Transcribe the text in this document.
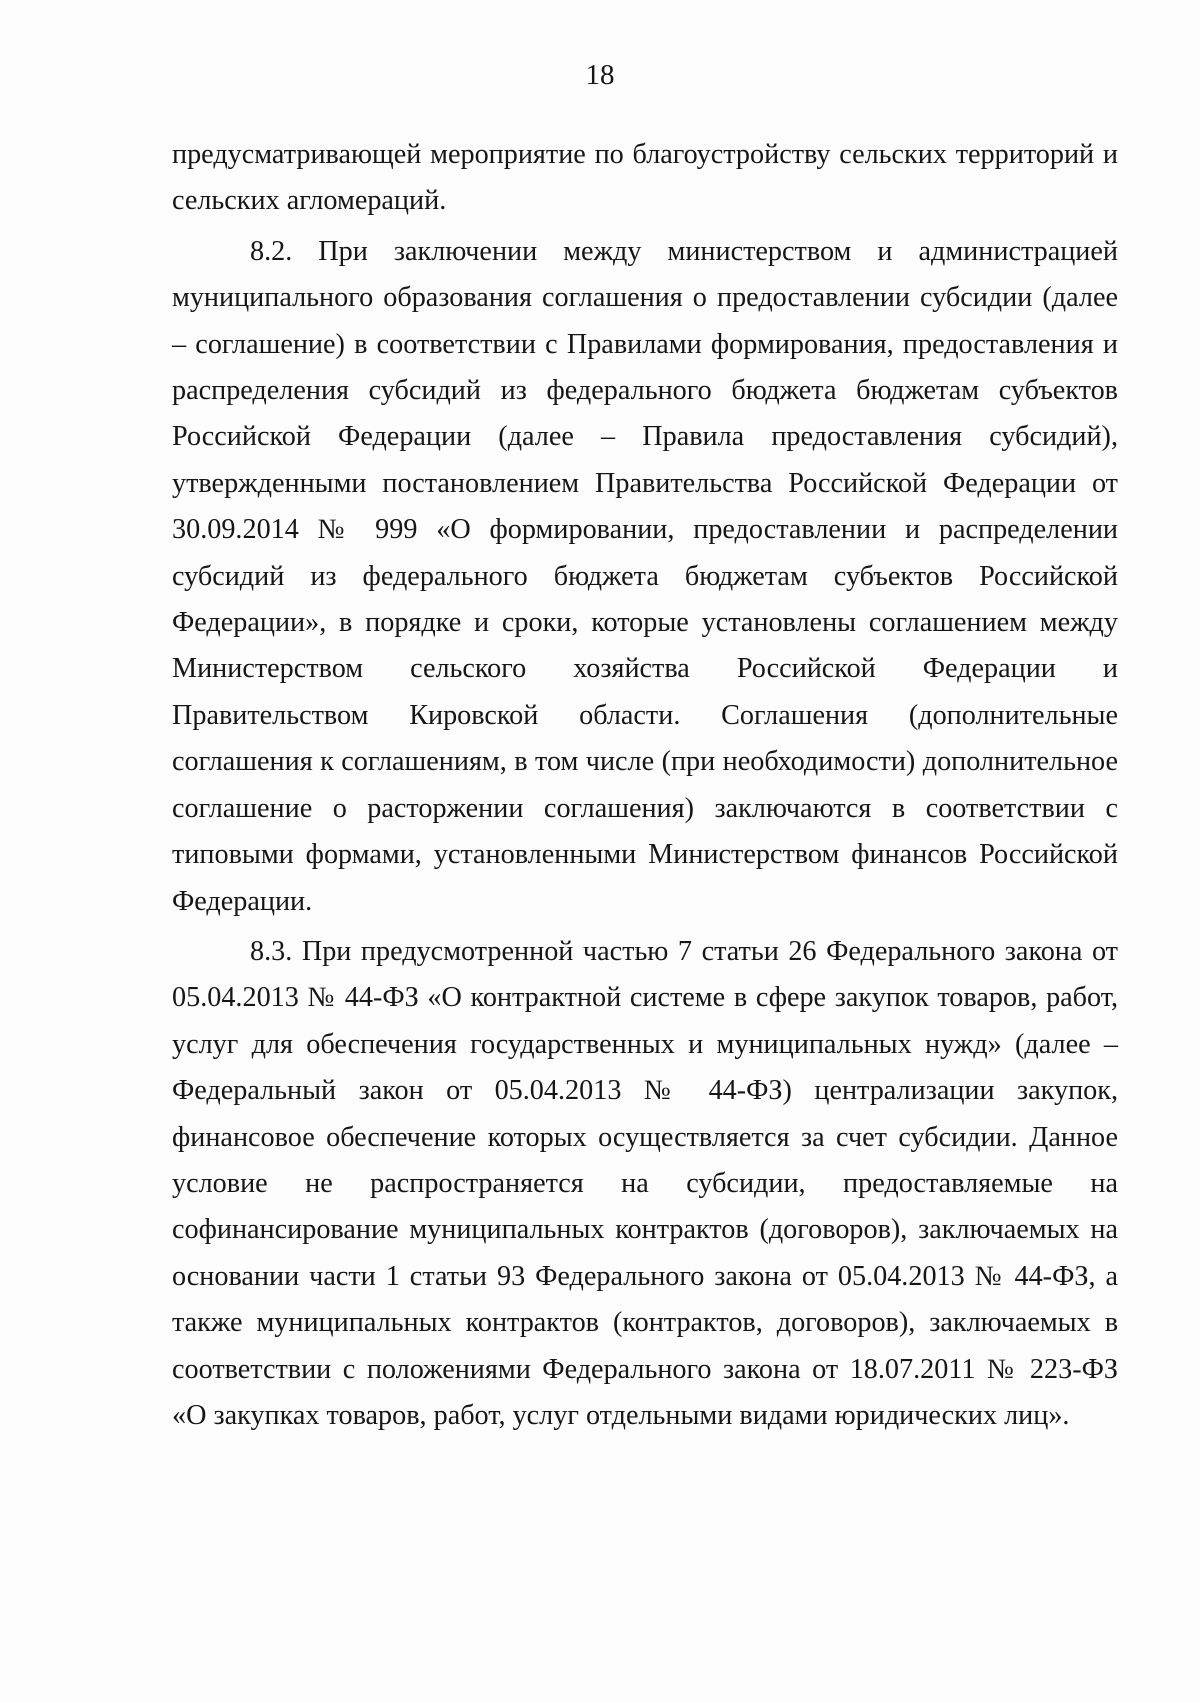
18

предусматривающей мероприятие по благоустройству сельских территорий и сельских агломераций.

8.2. При заключении между министерством и администрацией муниципального образования соглашения о предоставлении субсидии (далее – соглашение) в соответствии с Правилами формирования, предоставления и распределения субсидий из федерального бюджета бюджетам субъектов Российской Федерации (далее – Правила предоставления субсидий), утвержденными постановлением Правительства Российской Федерации от 30.09.2014 № 999 «О формировании, предоставлении и распределении субсидий из федерального бюджета бюджетам субъектов Российской Федерации», в порядке и сроки, которые установлены соглашением между Министерством сельского хозяйства Российской Федерации и Правительством Кировской области. Соглашения (дополнительные соглашения к соглашениям, в том числе (при необходимости) дополнительное соглашение о расторжении соглашения) заключаются в соответствии с типовыми формами, установленными Министерством финансов Российской Федерации.

8.3. При предусмотренной частью 7 статьи 26 Федерального закона от 05.04.2013 № 44-ФЗ «О контрактной системе в сфере закупок товаров, работ, услуг для обеспечения государственных и муниципальных нужд» (далее – Федеральный закон от 05.04.2013 № 44-ФЗ) централизации закупок, финансовое обеспечение которых осуществляется за счет субсидии. Данное условие не распространяется на субсидии, предоставляемые на софинансирование муниципальных контрактов (договоров), заключаемых на основании части 1 статьи 93 Федерального закона от 05.04.2013 № 44-ФЗ, а также муниципальных контрактов (контрактов, договоров), заключаемых в соответствии с положениями Федерального закона от 18.07.2011 № 223-ФЗ «О закупках товаров, работ, услуг отдельными видами юридических лиц».
